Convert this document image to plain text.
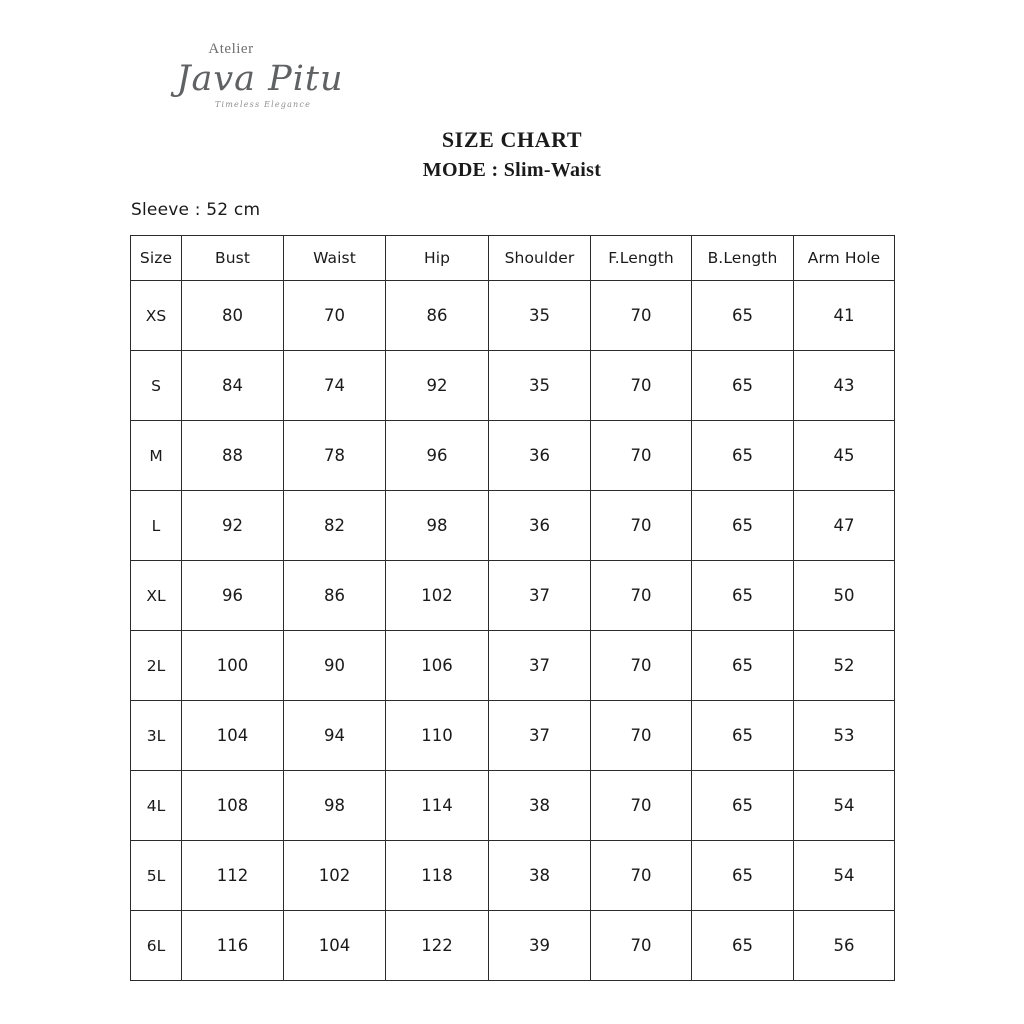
Atelier
Java Pitu
Timeless Elegance
SIZE CHART
MODE : Slim-Waist
Sleeve : 52 cm
Size	Bust	Waist	Hip	Shoulder	F.Length	B.Length	Arm Hole
XS	80	70	86	35	70	65	41
S	84	74	92	35	70	65	43
M	88	78	96	36	70	65	45
L	92	82	98	36	70	65	47
XL	96	86	102	37	70	65	50
2L	100	90	106	37	70	65	52
3L	104	94	110	37	70	65	53
4L	108	98	114	38	70	65	54
5L	112	102	118	38	70	65	54
6L	116	104	122	39	70	65	56
